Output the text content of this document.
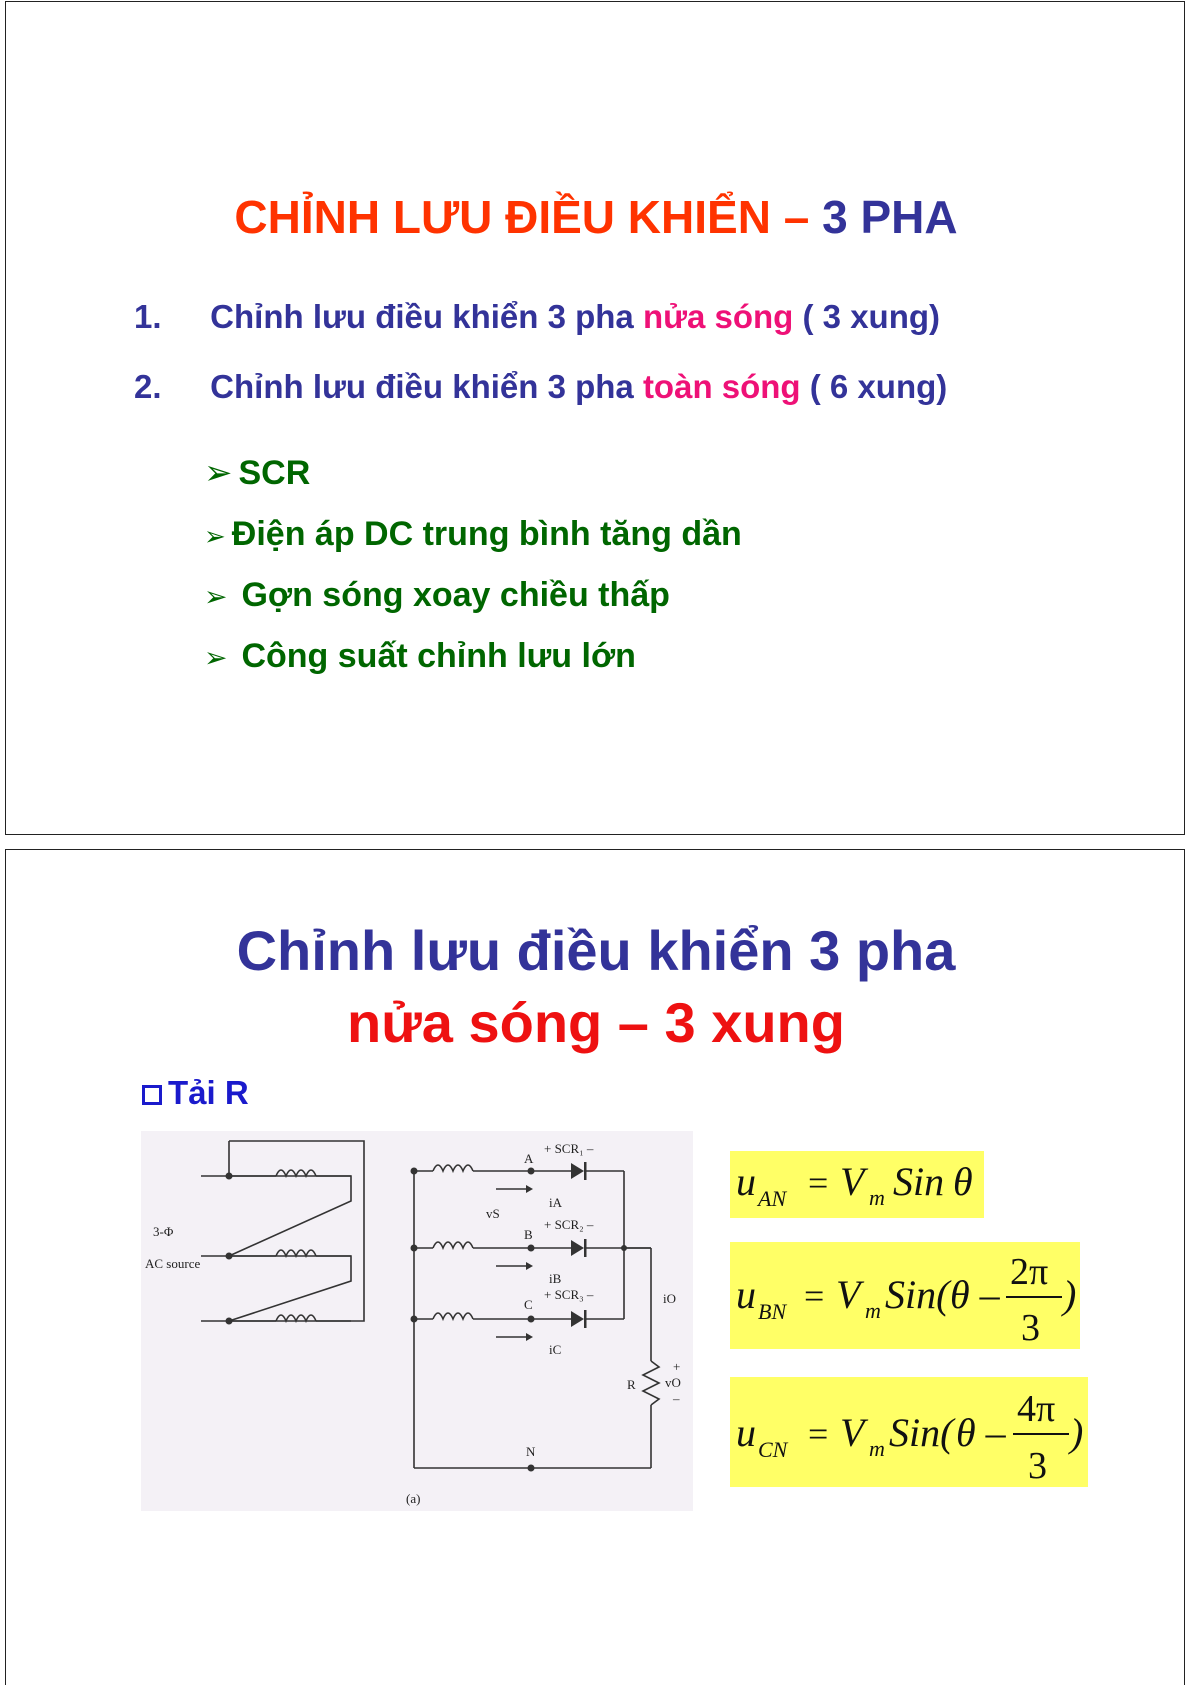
CHỈNH LƯU ĐIỀU KHIỂN – 3 PHA
1. Chỉnh lưu điều khiển 3 pha nửa sóng ( 3 xung)
2. Chỉnh lưu điều khiển 3 pha toàn sóng ( 6 xung)
➢ SCR
➢ Điện áp DC trung bình tăng dần
➢ Gợn sóng xoay chiều thấp
➢ Công suất chỉnh lưu lớn
Chỉnh lưu điều khiển 3 pha
nửa sóng – 3 xung
Tải R
3-Φ
AC source
+ SCR₁ –
+ SCR₂ –
+ SCR₃ –
A
B
C
N
iA
iB
iC
vS
iO
R
+
vO
–
(a)
u AN = V m Sin θ
u BN = V m Sin( θ – 2π
3
)
u CN = V m Sin( θ –
4π
3
)
